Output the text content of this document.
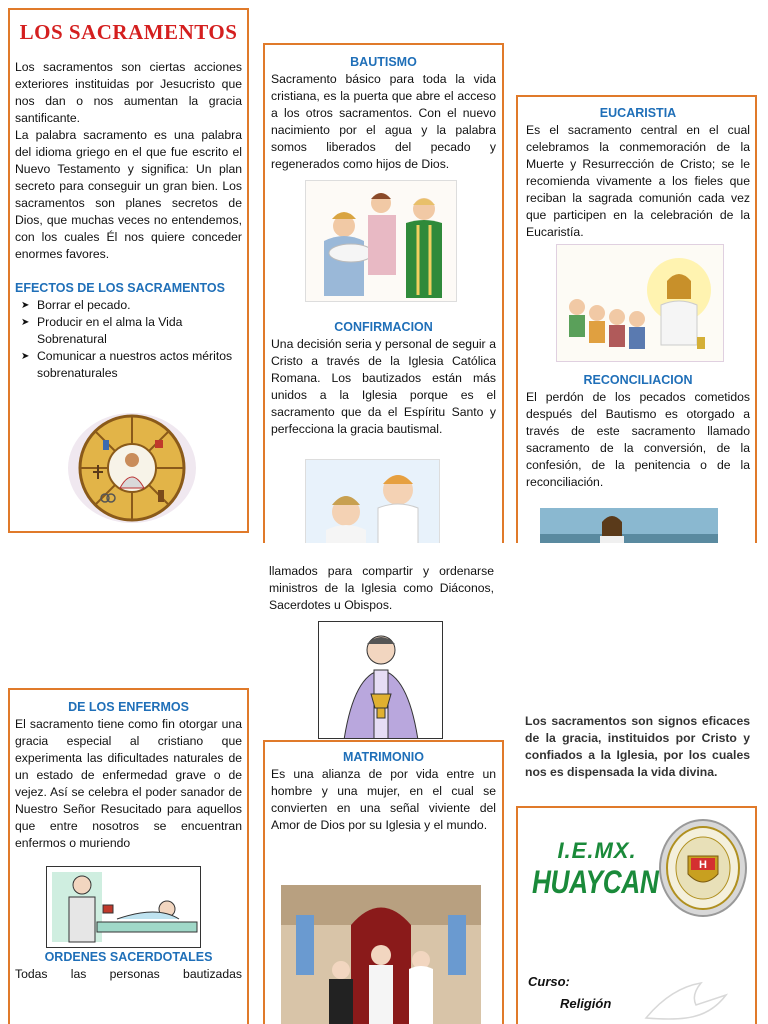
LOS SACRAMENTOS

Los sacramentos son ciertas acciones exteriores instituidas por Jesucristo que nos dan o nos aumentan la gracia santificante.

La palabra sacramento es una palabra del idioma griego en el que fue escrito el Nuevo Testamento y significa: Un plan secreto para conseguir un gran bien. Los sacramentos son planes secretos de Dios, que muchas veces no entendemos, con los cuales Él nos quiere conceder enormes favores.

EFECTOS DE LOS SACRAMENTOS
➤ Borrar el pecado.
➤ Producir en el alma la Vida Sobrenatural
➤ Comunicar a nuestros actos méritos sobrenaturales
BAUTISMO

Sacramento básico para toda la vida cristiana, es la puerta que abre el acceso a los otros sacramentos. Con el nuevo nacimiento por el agua y la palabra somos liberados del pecado y regenerados como hijos de Dios.

CONFIRMACION

Una decisión seria y personal de seguir a Cristo a través de la Iglesia Católica Romana. Los bautizados están más unidos a la Iglesia porque es el sacramento que da el Espíritu Santo y perfecciona la gracia bautismal.

EUCARISTIA

Es el sacramento central en el cual celebramos la conmemoración de la Muerte y Resurrección de Cristo; se le recomienda vivamente a los fieles que reciban la sagrada comunión cada vez que participen en la celebración de la Eucaristía.

RECONCILIACION

El perdón de los pecados cometidos después del Bautismo es otorgado a través de este sacramento llamado sacramento de la conversión, de la confesión, de la penitencia o de la reconciliación.

llamados para compartir y ordenarse ministros de la Iglesia como Diáconos, Sacerdotes u Obispos.

DE LOS ENFERMOS

El sacramento tiene como fin otorgar una gracia especial al cristiano que experimenta las dificultades naturales de un estado de enfermedad grave o de vejez. Así se celebra el poder sanador de Nuestro Señor Resucitado para aquellos que entre nosotros se encuentran enfermos o muriendo

ORDENES SACERDOTALES

Todas las personas bautizadas

MATRIMONIO

Es una alianza de por vida entre un hombre y una mujer, en el cual se convierten en una señal viviente del Amor de Dios por su Iglesia y el mundo.

Los sacramentos son signos eficaces de la gracia, instituidos por Cristo y confiados a la Iglesia, por los cuales nos es dispensada la vida divina.

I.E.MX.
HUAYCAN	H
Curso:
Religión
